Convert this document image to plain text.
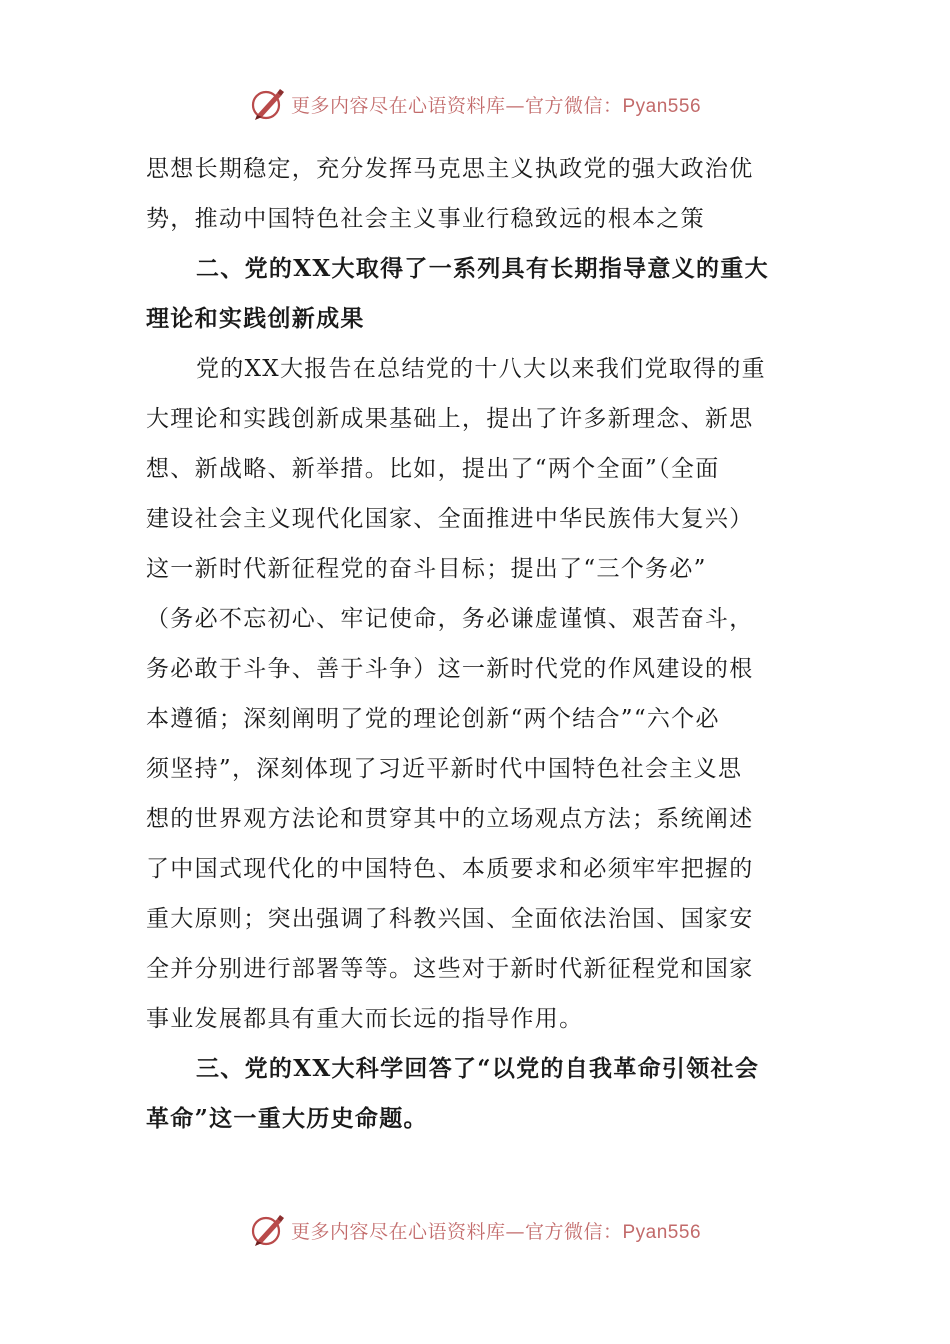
更多内容尽在心语资料库—官方微信：Pyan556
思想长期稳定，充分发挥马克思主义执政党的强大政治优
势，推动中国特色社会主义事业行稳致远的根本之策
二、党的XX大取得了一系列具有长期指导意义的重大
理论和实践创新成果
党的XX大报告在总结党的十八大以来我们党取得的重
大理论和实践创新成果基础上，提出了许多新理念、新思
想、新战略、新举措。比如，提出了“两个全面”（全面
建设社会主义现代化国家、全面推进中华民族伟大复兴）
这一新时代新征程党的奋斗目标；提出了“三个务必”
（务必不忘初心、牢记使命，务必谦虚谨慎、艰苦奋斗，
务必敢于斗争、善于斗争）这一新时代党的作风建设的根
本遵循；深刻阐明了党的理论创新“两个结合”“六个必
须坚持”，深刻体现了习近平新时代中国特色社会主义思
想的世界观方法论和贯穿其中的立场观点方法；系统阐述
了中国式现代化的中国特色、本质要求和必须牢牢把握的
重大原则；突出强调了科教兴国、全面依法治国、国家安
全并分别进行部署等等。这些对于新时代新征程党和国家
事业发展都具有重大而长远的指导作用。
三、党的XX大科学回答了“以党的自我革命引领社会
革命”这一重大历史命题。
更多内容尽在心语资料库—官方微信：Pyan556
